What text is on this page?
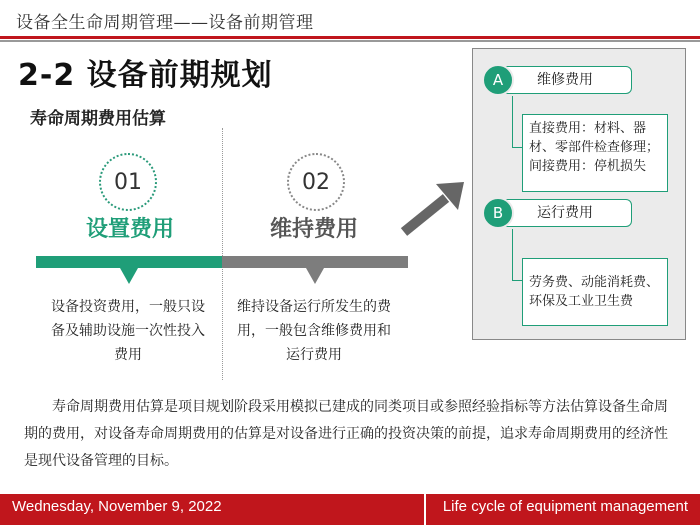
设备全生命周期管理——设备前期管理
2-2 设备前期规划
寿命周期费用估算
01	02
设置费用	维持费用
设备投资费用，一般只设备及辅助设施一次性投入费用
维持设备运行所发生的费用，一般包含维修费用和运行费用
维修费用
A
直接费用：材料、器材、零部件检查修理；间接费用：停机损失
运行费用
B
劳务费、动能消耗费、环保及工业卫生费
寿命周期费用估算是项目规划阶段采用模拟已建成的同类项目或参照经验指标等方法估算设备生命周期的费用，对设备寿命周期费用的估算是对设备进行正确的投资决策的前提，追求寿命周期费用的经济性是现代设备管理的目标。
Wednesday, November 9, 2022	Life cycle of equipment management
